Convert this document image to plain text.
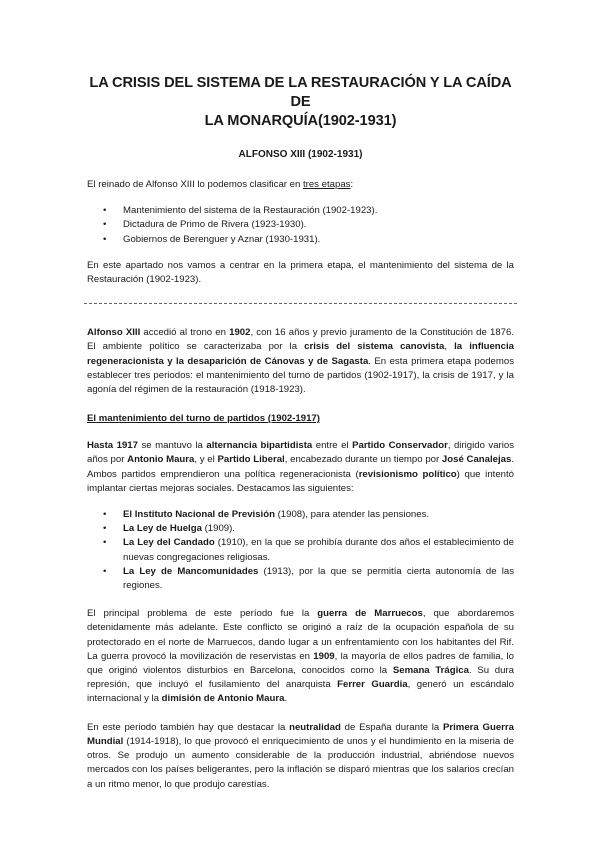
LA CRISIS DEL SISTEMA DE LA RESTAURACIÓN Y LA CAÍDA DE
LA MONARQUÍA(1902-1931)
ALFONSO XIII (1902-1931)

El reinado de Alfonso XIII lo podemos clasificar en tres etapas:

• Mantenimiento del sistema de la Restauración (1902-1923).
• Dictadura de Primo de Rivera (1923-1930).
• Gobiernos de Berenguer y Aznar (1930-1931).

En este apartado nos vamos a centrar en la primera etapa, el mantenimiento del sistema de la Restauración (1902-1923).

Alfonso XIII accedió al trono en 1902, con 16 años y previo juramento de la Constitución de 1876. El ambiente político se caracterizaba por la crisis del sistema canovista, la influencia regeneracionista y la desaparición de Cánovas y de Sagasta. En esta primera etapa podemos establecer tres periodos: el mantenimiento del turno de partidos (1902-1917), la crisis de 1917, y la agonía del régimen de la restauración (1918-1923).

El mantenimiento del turno de partidos (1902-1917)

Hasta 1917 se mantuvo la alternancia bipartidista entre el Partido Conservador, dirigido varios años por Antonio Maura, y el Partido Liberal, encabezado durante un tiempo por José Canalejas. Ambos partidos emprendieron una política regeneracionista (revisionismo político) que intentó implantar ciertas mejoras sociales. Destacamos las siguientes:

• El Instituto Nacional de Previsión (1908), para atender las pensiones.
• La Ley de Huelga (1909).
• La Ley del Candado (1910), en la que se prohibía durante dos años el establecimiento de nuevas congregaciones religiosas.
• La Ley de Mancomunidades (1913), por la que se permitía cierta autonomía de las regiones.

El principal problema de este período fue la guerra de Marruecos, que abordaremos detenidamente más adelante. Este conflicto se originó a raíz de la ocupación española de su protectorado en el norte de Marruecos, dando lugar a un enfrentamiento con los habitantes del Rif. La guerra provocó la movilización de reservistas en 1909, la mayoría de ellos padres de familia, lo que originó violentos disturbios en Barcelona, conocidos como la Semana Trágica. Su dura represión, que incluyó el fusilamiento del anarquista Ferrer Guardia, generó un escándalo internacional y la dimisión de Antonio Maura.

En este periodo también hay que destacar la neutralidad de España durante la Primera Guerra Mundial (1914-1918), lo que provocó el enriquecimiento de unos y el hundimiento en la miseria de otros. Se produjo un aumento considerable de la producción industrial, abriéndose nuevos mercados con los países beligerantes, pero la inflación se disparó mientras que los salarios crecían a un ritmo menor, lo que produjo carestías.
